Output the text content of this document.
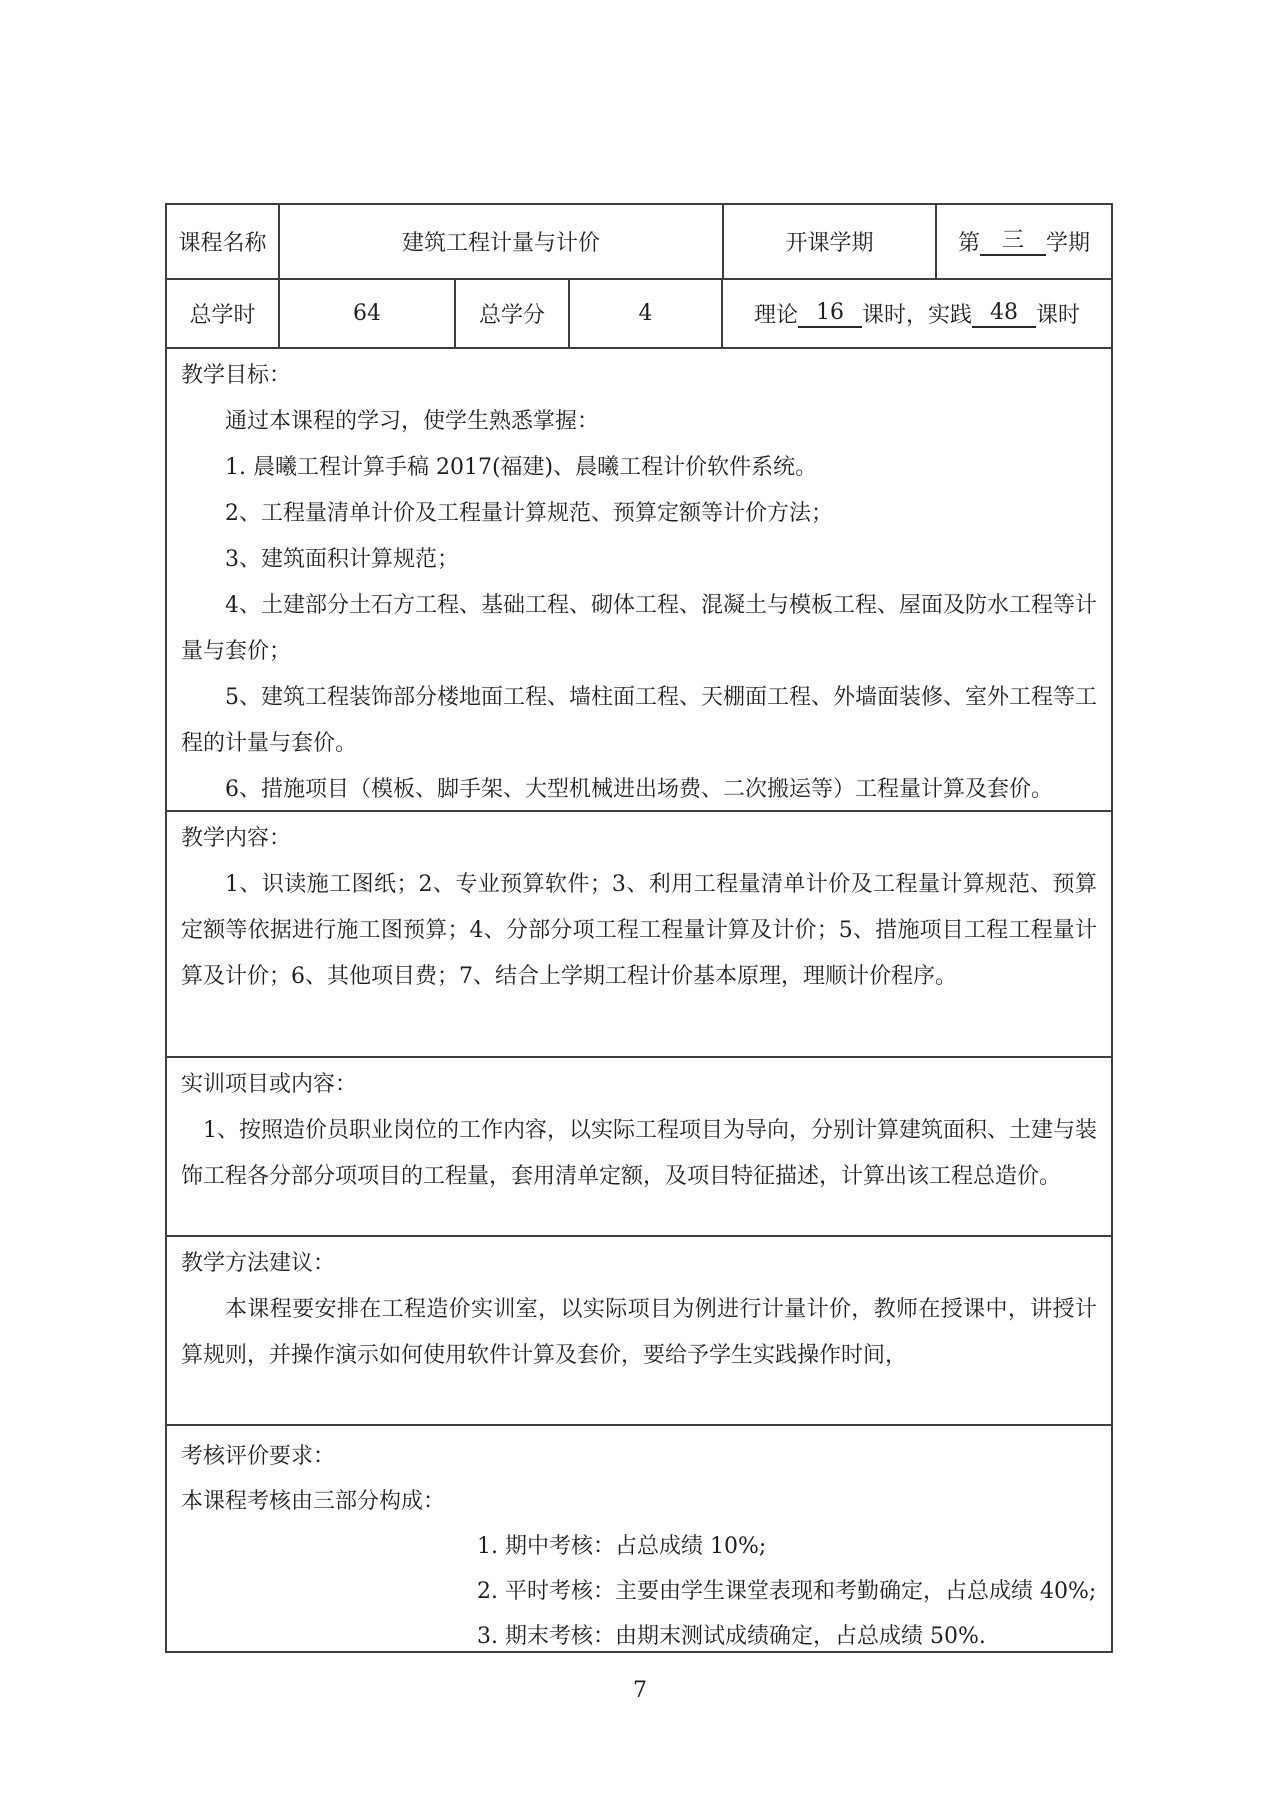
课程名称	建筑工程计量与计价	开课学期	第	三	学期
总学时	64	总学分	4	理论 16 课时， 实践 48 课时

教学目标：

通过本课程的学习，使学生熟悉掌握：

1. 晨曦工程计算手稿 2017(福建)、晨曦工程计价软件系统。

2、工程量清单计价及工程量计算规范、预算定额等计价方法；

3、建筑面积计算规范；

4、土建部分土石方工程、基础工程、砌体工程、混凝土与模板工程、屋面及防水工程等计量与套价；

5、建筑工程装饰部分楼地面工程、墙柱面工程、天棚面工程、外墙面装修、室外工程等工程的计量与套价。

6、措施项目（模板、脚手架、大型机械进出场费、二次搬运等）工程量计算及套价。

教学内容：

1、识读施工图纸；2、专业预算软件；3、利用工程量清单计价及工程量计算规范、预算定额等依据进行施工图预算；4、分部分项工程工程量计算及计价；5、措施项目工程工程量计算及计价；6、其他项目费；7、结合上学期工程计价基本原理，理顺计价程序。

实训项目或内容：

1、按照造价员职业岗位的工作内容，以实际工程项目为导向，分别计算建筑面积、土建与装饰工程各分部分项项目的工程量，套用清单定额，及项目特征描述，计算出该工程总造价。

教学方法建议：

本课程要安排在工程造价实训室，以实际项目为例进行计量计价，教师在授课中，讲授计算规则，并操作演示如何使用软件计算及套价，要给予学生实践操作时间，

考核评价要求：

本课程考核由三部分构成：

1. 期中考核：占总成绩 10%;

2. 平时考核：主要由学生课堂表现和考勤确定，占总成绩 40%;

3. 期末考核：由期末测试成绩确定，占总成绩 50%.

7
